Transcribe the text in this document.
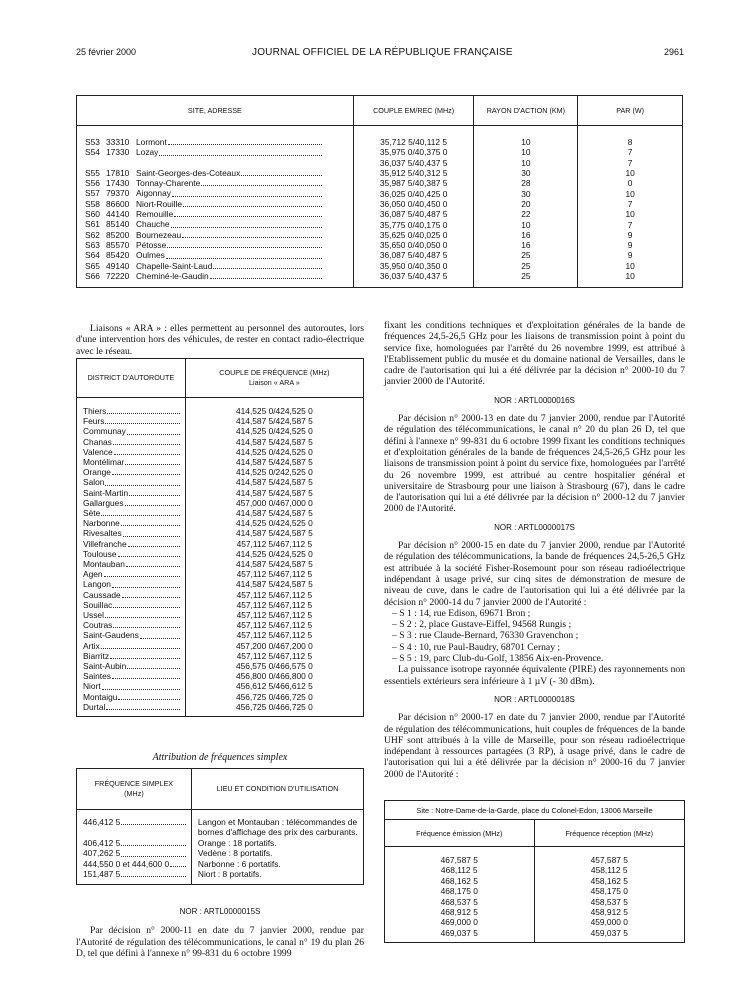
25 février 2000	JOURNAL OFFICIEL DE LA RÉPUBLIQUE FRANÇAISE	2961
SITE, ADRESSE	COUPLE EM/REC (MHz)	RAYON D'ACTION (KM)	PAR (W)

S53 33310 Lormont	35,712 5/40,112 5	10	8

S54 17330 Lozay	35,975 0/40,375 0	10	7

	36,037 5/40,437 5	10	7

S55 17810 Saint-Georges-des-Coteaux	35,912 5/40,312 5	30	10

S56 17430 Tonnay-Charente	35,987 5/40,387 5	28	0

S57 79370 Aigonnay	36,025 0/40,425 0	30	10

S58 86600 Niort-Rouille	36,050 0/40,450 0	20	7

S60 44140 Remouille	36,087 5/40,487 5	22	10

S61 85140 Chauche	35,775 0/40,175 0	10	7

S62 85200 Bournezeau	35,625 0/40,025 0	16	9

S63 85570 Pétosse	35,650 0/40,050 0	16	9

S64 85420 Oulmes	36,087 5/40,487 5	25	9

S65 49140 Chapelle-Saint-Laud	35,950 0/40,350 0	25	10

S66 72220 Cheminé-le-Gaudin	36,037 5/40,437 5	25	10

Liaisons « ARA » : elles permettent au personnel des autoroutes, lors d'une intervention hors des véhicules, de rester en contact radio-électrique avec le réseau.

DISTRICT D'AUTOROUTE	COUPLE DE FRÉQUENCE (MHz)
Liaison « ARA »

Thiers	414,525 0/424,525 0

Feurs	414,587 5/424,587 5

Communay	414,525 0/424,525 0

Chanas	414,587 5/424,587 5

Valence	414,525 0/424,525 0

Montélimar	414,587 5/424,587 5

Orange	414,525 0/242,525 0

Salon	414,587 5/424,587 5

Saint-Martin	414,587 5/424,587 5

Gallargues	457,000 0/467,000 0

Sète	414,587 5/424,587 5

Narbonne	414,525 0/424,525 0

Rivesaltes	414,587 5/424,587 5

Villefranche	457,112 5/467,112 5

Toulouse	414,525 0/424,525 0

Montauban	414,587 5/424,587 5

Agen	457,112 5/467,112 5

Langon	414,587 5/424,587 5

Caussade	457,112 5/467,112 5

Souillac	457,112 5/467,112 5

Ussel	457,112 5/467,112 5

Coutras	457,112 5/467,112 5

Saint-Gaudens	457,112 5/467,112 5

Artix	457,200 0/467,200 0

Biarritz	457,112 5/467,112 5

Saint-Aubin	456,575 0/466,575 0

Saintes	456,800 0/466,800 0

Niort	456,612 5/466,612 5

Montaigu	456,725 0/466,725 0

Durtal	456,725 0/466,725 0

Attribution de fréquences simplex
FRÉQUENCE SIMPLEX
(MHz)	LIEU ET CONDITION D'UTILISATION

446,412 5	Langon et Montauban : télécommandes de bornes d'affichage des prix des carburants.

406,412 5	Orange : 18 portatifs.

407,262 5	Vedène : 8 portatifs.

444,550 0 et 444,600 0	Narbonne : 6 portatifs.

151,487 5	Niort : 8 portatifs.

NOR : ARTL0000015S

Par décision n° 2000-11 en date du 7 janvier 2000, rendue par l'Autorité de régulation des télécommunications, le canal n° 19 du plan 26 D, tel que défini à l'annexe n° 99-831 du 6 octobre 1999

fixant les conditions techniques et d'exploitation générales de la bande de fréquences 24,5-26,5 GHz pour les liaisons de transmission point à point du service fixe, homologuées par l'arrêté du 26 novembre 1999, est attribué à l'Etablissement public du musée et du domaine national de Versailles, dans le cadre de l'autorisation qui lui a été délivrée par la décision n° 2000-10 du 7 janvier 2000 de l'Autorité.

NOR : ARTL0000016S

Par décision n° 2000-13 en date du 7 janvier 2000, rendue par l'Autorité de régulation des télécommunications, le canal n° 20 du plan 26 D, tel que défini à l'annexe n° 99-831 du 6 octobre 1999 fixant les conditions techniques et d'exploitation générales de la bande de fréquences 24,5-26,5 GHz pour les liaisons de transmission point à point du service fixe, homologuées par l'arrêté du 26 novembre 1999, est attribué au centre hospitalier général et universitaire de Strasbourg pour une liaison à Strasbourg (67), dans le cadre de l'autorisation qui lui a été délivrée par la décision n° 2000-12 du 7 janvier 2000 de l'Autorité.

NOR : ARTL0000017S

Par décision n° 2000-15 en date du 7 janvier 2000, rendue par l'Autorité de régulation des télécommunications, la bande de fréquences 24,5-26,5 GHz est attribuée à la société Fisher-Rosemount pour son réseau radioélectrique indépendant à usage privé, sur cinq sites de démonstration de mesure de niveau de cuve, dans le cadre de l'autorisation qui lui a été délivrée par la décision n° 2000-14 du 7 janvier 2000 de l'Autorité :

– S 1 : 14, rue Edison, 69671 Bron ;
– S 2 : 2, place Gustave-Eiffel, 94568 Rungis ;
– S 3 : rue Claude-Bernard, 76330 Gravenchon ;
– S 4 : 10, rue Paul-Baudry, 68701 Cernay ;
– S 5 : 19, parc Club-du-Golf, 13856 Aix-en-Provence.

La puissance isotrope rayonnée équivalente (PIRE) des rayonnements non essentiels extérieurs sera inférieure à 1 µV (- 30 dBm).

NOR : ARTL0000018S

Par décision n° 2000-17 en date du 7 janvier 2000, rendue par l'Autorité de régulation des télécommunications, huit couples de fréquences de la bande UHF sont attribués à la ville de Marseille, pour son réseau radioélectrique indépendant à ressources partagées (3 RP), à usage privé, dans le cadre de l'autorisation qui lui a été délivrée par la décision n° 2000-16 du 7 janvier 2000 de l'Autorité :

Site : Notre-Dame-de-la-Garde, place du Colonel-Edon, 13006 Marseille	
Fréquence émission (MHz)	Fréquence réception (MHz)

467,587 5	457,587 5
468,112 5	458,112 5
468,162 5	458,162 5
468,175 0	458,175 0
468,537 5	458,537 5
468,912 5	458,912 5
469,000 0	459,000 0
469,037 5	459,037 5
